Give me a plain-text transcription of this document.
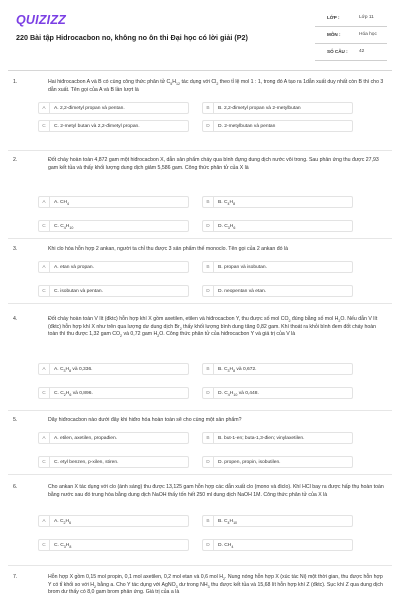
QUIZIZZ
220 Bài tập Hidrocacbon no, không no ôn thi Đại học có lời giải (P2)
LỚP :	Lớp 11
MÔN :	Hóa học
SỐ CÂU : 42
1.	Hai hiđrocacbon A và B có cùng công thức phân tử $C_5H_{12}$ tác dụng với $Cl_2$ theo tỉ lệ mol 1 : 1, trong đó A tạo ra 1dẫn xuất duy nhất còn B thì cho 3 dẫn xuất. Tên gọi của A và B lần lượt là
A	A. 2,2-đimetyl propan và pentan.	B	B. 2,2-đimetyl propan và 2-metylbutan
C	C. 2-metyl butan và 2,2-đimetyl propan.	D	D. 2-metylbutan và pentan
2.	Đốt cháy hoàn toàn 4,872 gam một hiđrocacbon X, dẫn sản phẩm cháy qua bình đựng dung dịch nước vôi trong. Sau phản ứng thu được 27,93 gam kết tủa và thấy khối lượng dung dịch giảm 5,586 gam. Công thức phân tử của X là
A	A. $CH_4$	B	B. $C_4H_8$
C	C. $C_4H_{10}$	D	D. $C_3H_6$
3.	Khi clo hóa hỗn hợp 2 ankan, người ta chỉ thu được 3 sản phẩm thế monoclo. Tên gọi của 2 ankan đó là
A	A. etan và propan.	B	B. propan và isobutan.
C	C. isobutan và pentan.	D	D. neopentan và etan.
4.	Đốt cháy hoàn toàn V lít (đktc) hỗn hợp khí X gồm axetilen, etilen và hiđrocacbon Y, thu được số mol $CO_2$ đúng bằng số mol $H_2O$. Nếu dẫn V lít (đktc) hỗn hợp khí X như trên qua lượng dư dung dịch $Br_2$ thấy khối lượng bình dung tăng 0,82 gam. Khí thoát ra khỏi bình đem đốt cháy hoàn toàn thì thu được 1,32 gam $CO_2$ và 0,72 gam $H_2O$. Công thức phân tử của hiđrocacbon Y và giá trị của V là
A	A. $C_3H_8$ và 0,336.	B	B. $C_3H_8$ và 0,672.
C	C. $C_2H_6$ và 0,896.	D	D. $C_4H_{10}$ và 0,448.
5.	Dãy hiđrocacbon nào dưới đây khi hiđro hóa hoàn toàn sẽ cho cùng một sản phẩm?
A	A. etilen, axetilen, propađien.	B	B. but-1-en; buta-1,3-đien; vinylaxetilen.
C	C. etyl benzen, p-xilen, stiren.	D	D. propen, propin, isobutilen.
6.	Cho ankan X tác dụng với clo (ánh sáng) thu được 13,125 gam hỗn hợp các dẫn xuất clo (mono và điclo). Khí HCl bay ra được hấp thụ hoàn toàn bằng nước sau đó trung hòa bằng dung dịch NaOH thấy tốn hết 250 ml dung dịch NaOH 1M. Công thức phân tử của X là
A	A. $C_2H_6$	B	B. $C_4H_{10}$
C	C. $C_3H_8$	D	D. $CH_4$
7.	Hỗn hợp X gồm 0,15 mol propin, 0,1 mol axetilen, 0,2 mol etan và 0,6 mol $H_2$. Nung nóng hỗn hợp X (xúc tác Ni) một thời gian, thu được hỗn hợp Y có tỉ khối so với $H_2$ bằng a. Cho Y tác dụng với AgNO$_3$ dư trong $NH_3$ thu được kết tủa và 15,68 lít hỗn hợp khí Z (đktc). Sục khí Z qua dung dịch brom dư thấy có 8,0 gam brom phản ứng. Giá trị của a là
